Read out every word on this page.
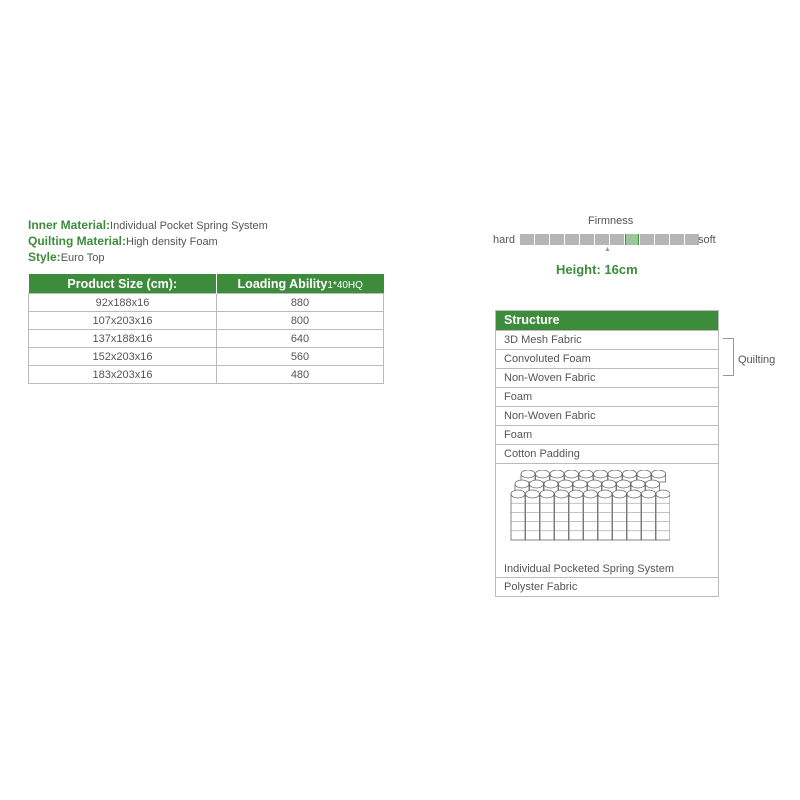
Inner Material:Individual Pocket Spring System
Quilting Material:High density Foam
Style:Euro Top
Product Size (cm):	Loading Ability1*40HQ
92x188x16	880
107x203x16	800
137x188x16	640
152x203x16	560
183x203x16	480
Firmness
hard	soft
▲
Height: 16cm
Structure
3D Mesh Fabric
Convoluted Foam
Non-Woven Fabric
Foam
Non-Woven Fabric
Foam
Cotton Padding
Individual Pocketed Spring System
Polyster Fabric
Quilting
